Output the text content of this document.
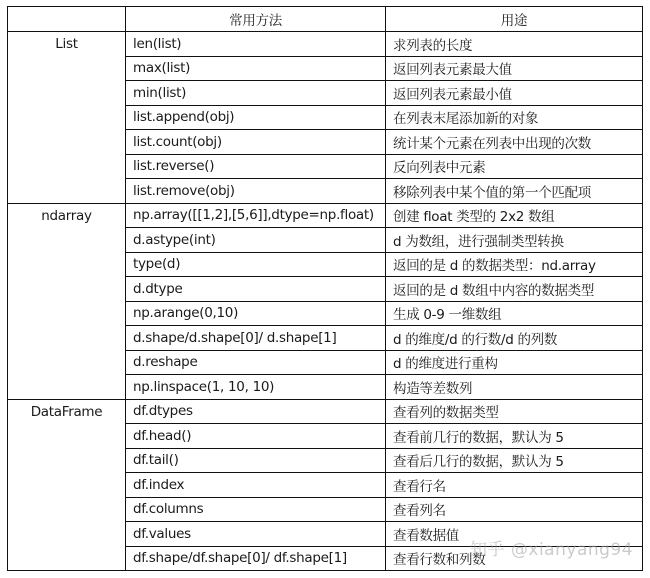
	常用方法	用途
List	len(list)	求列表的长度
	max(list)	返回列表元素最大值
	min(list)	返回列表元素最小值
	list.append(obj)	在列表末尾添加新的对象
	list.count(obj)	统计某个元素在列表中出现的次数
	list.reverse()	反向列表中元素
	list.remove(obj)	移除列表中某个值的第一个匹配项
ndarray	np.array([[1,2],[5,6]],dtype=np.float)	创建 float 类型的 2x2 数组
	d.astype(int)	d 为数组，进行强制类型转换
	type(d)	返回的是 d 的数据类型：nd.array
	d.dtype	返回的是 d 数组中内容的数据类型
	np.arange(0,10)	生成 0-9 一维数组
	d.shape/d.shape[0]/ d.shape[1]	d 的维度/d 的行数/d 的列数
	d.reshape	d 的维度进行重构
	np.linspace(1, 10, 10)	构造等差数列
DataFrame	df.dtypes	查看列的数据类型
	df.head()	查看前几行的数据，默认为 5
	df.tail()	查看后几行的数据，默认为 5
	df.index	查看行名
	df.columns	查看列名
	df.values	查看数据值
	df.shape/df.shape[0]/ df.shape[1]	查看行数和列数
知乎 @xianyang94
